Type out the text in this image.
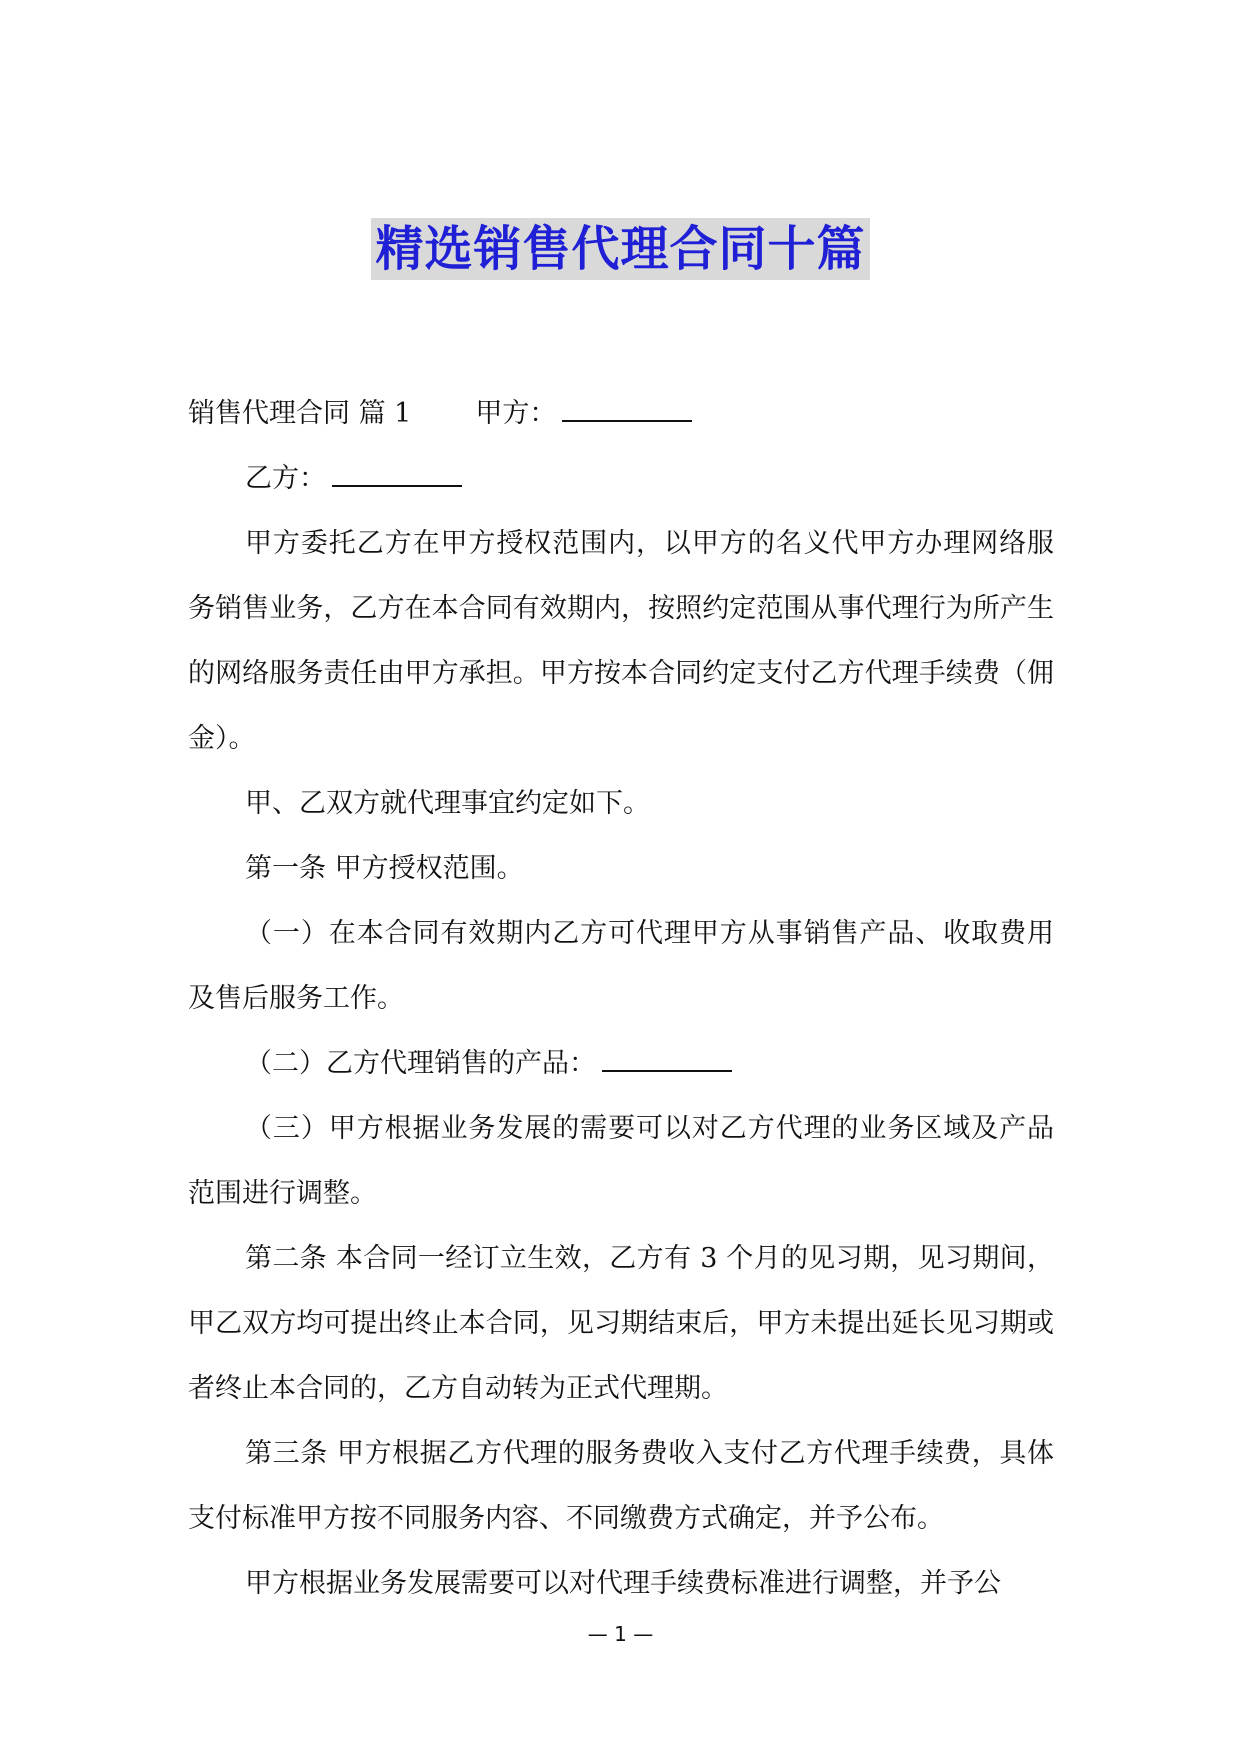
精选销售代理合同十篇

销售代理合同 篇 1 甲方：

乙方：

甲方委托乙方在甲方授权范围内，以甲方的名义代甲方办理网络服务销售业务，乙方在本合同有效期内，按照约定范围从事代理行为所产生的网络服务责任由甲方承担。甲方按本合同约定支付乙方代理手续费（佣金）。

甲、乙双方就代理事宜约定如下。

第一条 甲方授权范围。

（一）在本合同有效期内乙方可代理甲方从事销售产品、收取费用及售后服务工作。

（二）乙方代理销售的产品：

（三）甲方根据业务发展的需要可以对乙方代理的业务区域及产品范围进行调整。

第二条 本合同一经订立生效，乙方有 3 个月的见习期，见习期间，甲乙双方均可提出终止本合同，见习期结束后，甲方未提出延长见习期或者终止本合同的，乙方自动转为正式代理期。

第三条 甲方根据乙方代理的服务费收入支付乙方代理手续费，具体支付标准甲方按不同服务内容、不同缴费方式确定，并予公布。

甲方根据业务发展需要可以对代理手续费标准进行调整，并予公

— 1 —
